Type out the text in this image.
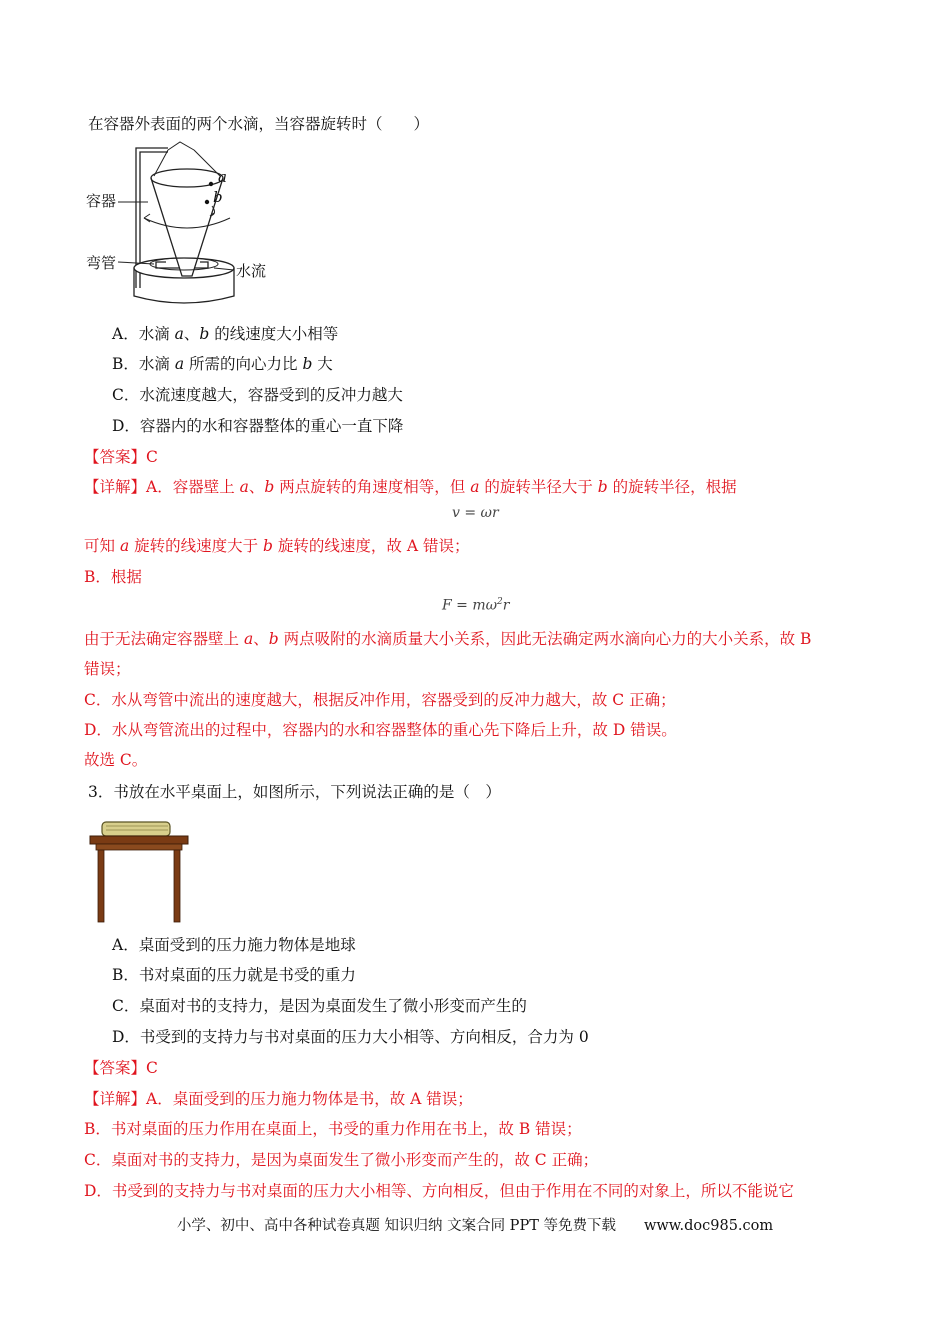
在容器外表面的两个水滴，当容器旋转时（　　）
a
b
容器
弯管	水流
A．水滴 a、b 的线速度大小相等
B．水滴 a 所需的向心力比 b 大
C．水流速度越大，容器受到的反冲力越大
D．容器内的水和容器整体的重心一直下降
【答案】C
【详解】A．容器壁上 a、b 两点旋转的角速度相等，但 a 的旋转半径大于 b 的旋转半径，根据
v = ωr
可知 a 旋转的线速度大于 b 旋转的线速度，故 A 错误；
B．根据
$F = m\omega^2r$
由于无法确定容器壁上 a、b 两点吸附的水滴质量大小关系，因此无法确定两水滴向心力的大小关系，故 B
错误；
C．水从弯管中流出的速度越大，根据反冲作用，容器受到的反冲力越大，故 C 正确；
D．水从弯管流出的过程中，容器内的水和容器整体的重心先下降后上升，故 D 错误。
故选 C。
3．书放在水平桌面上，如图所示，下列说法正确的是（　）
A．桌面受到的压力施力物体是地球
B．书对桌面的压力就是书受的重力
C．桌面对书的支持力，是因为桌面发生了微小形变而产生的
D．书受到的支持力与书对桌面的压力大小相等、方向相反，合力为 0
【答案】C
【详解】A．桌面受到的压力施力物体是书，故 A 错误；
B．书对桌面的压力作用在桌面上，书受的重力作用在书上，故 B 错误；
C．桌面对书的支持力，是因为桌面发生了微小形变而产生的，故 C 正确；
D．书受到的支持力与书对桌面的压力大小相等、方向相反，但由于作用在不同的对象上，所以不能说它
小学、初中、高中各种试卷真题 知识归纳 文案合同 PPT 等免费下载 www.doc985.com
